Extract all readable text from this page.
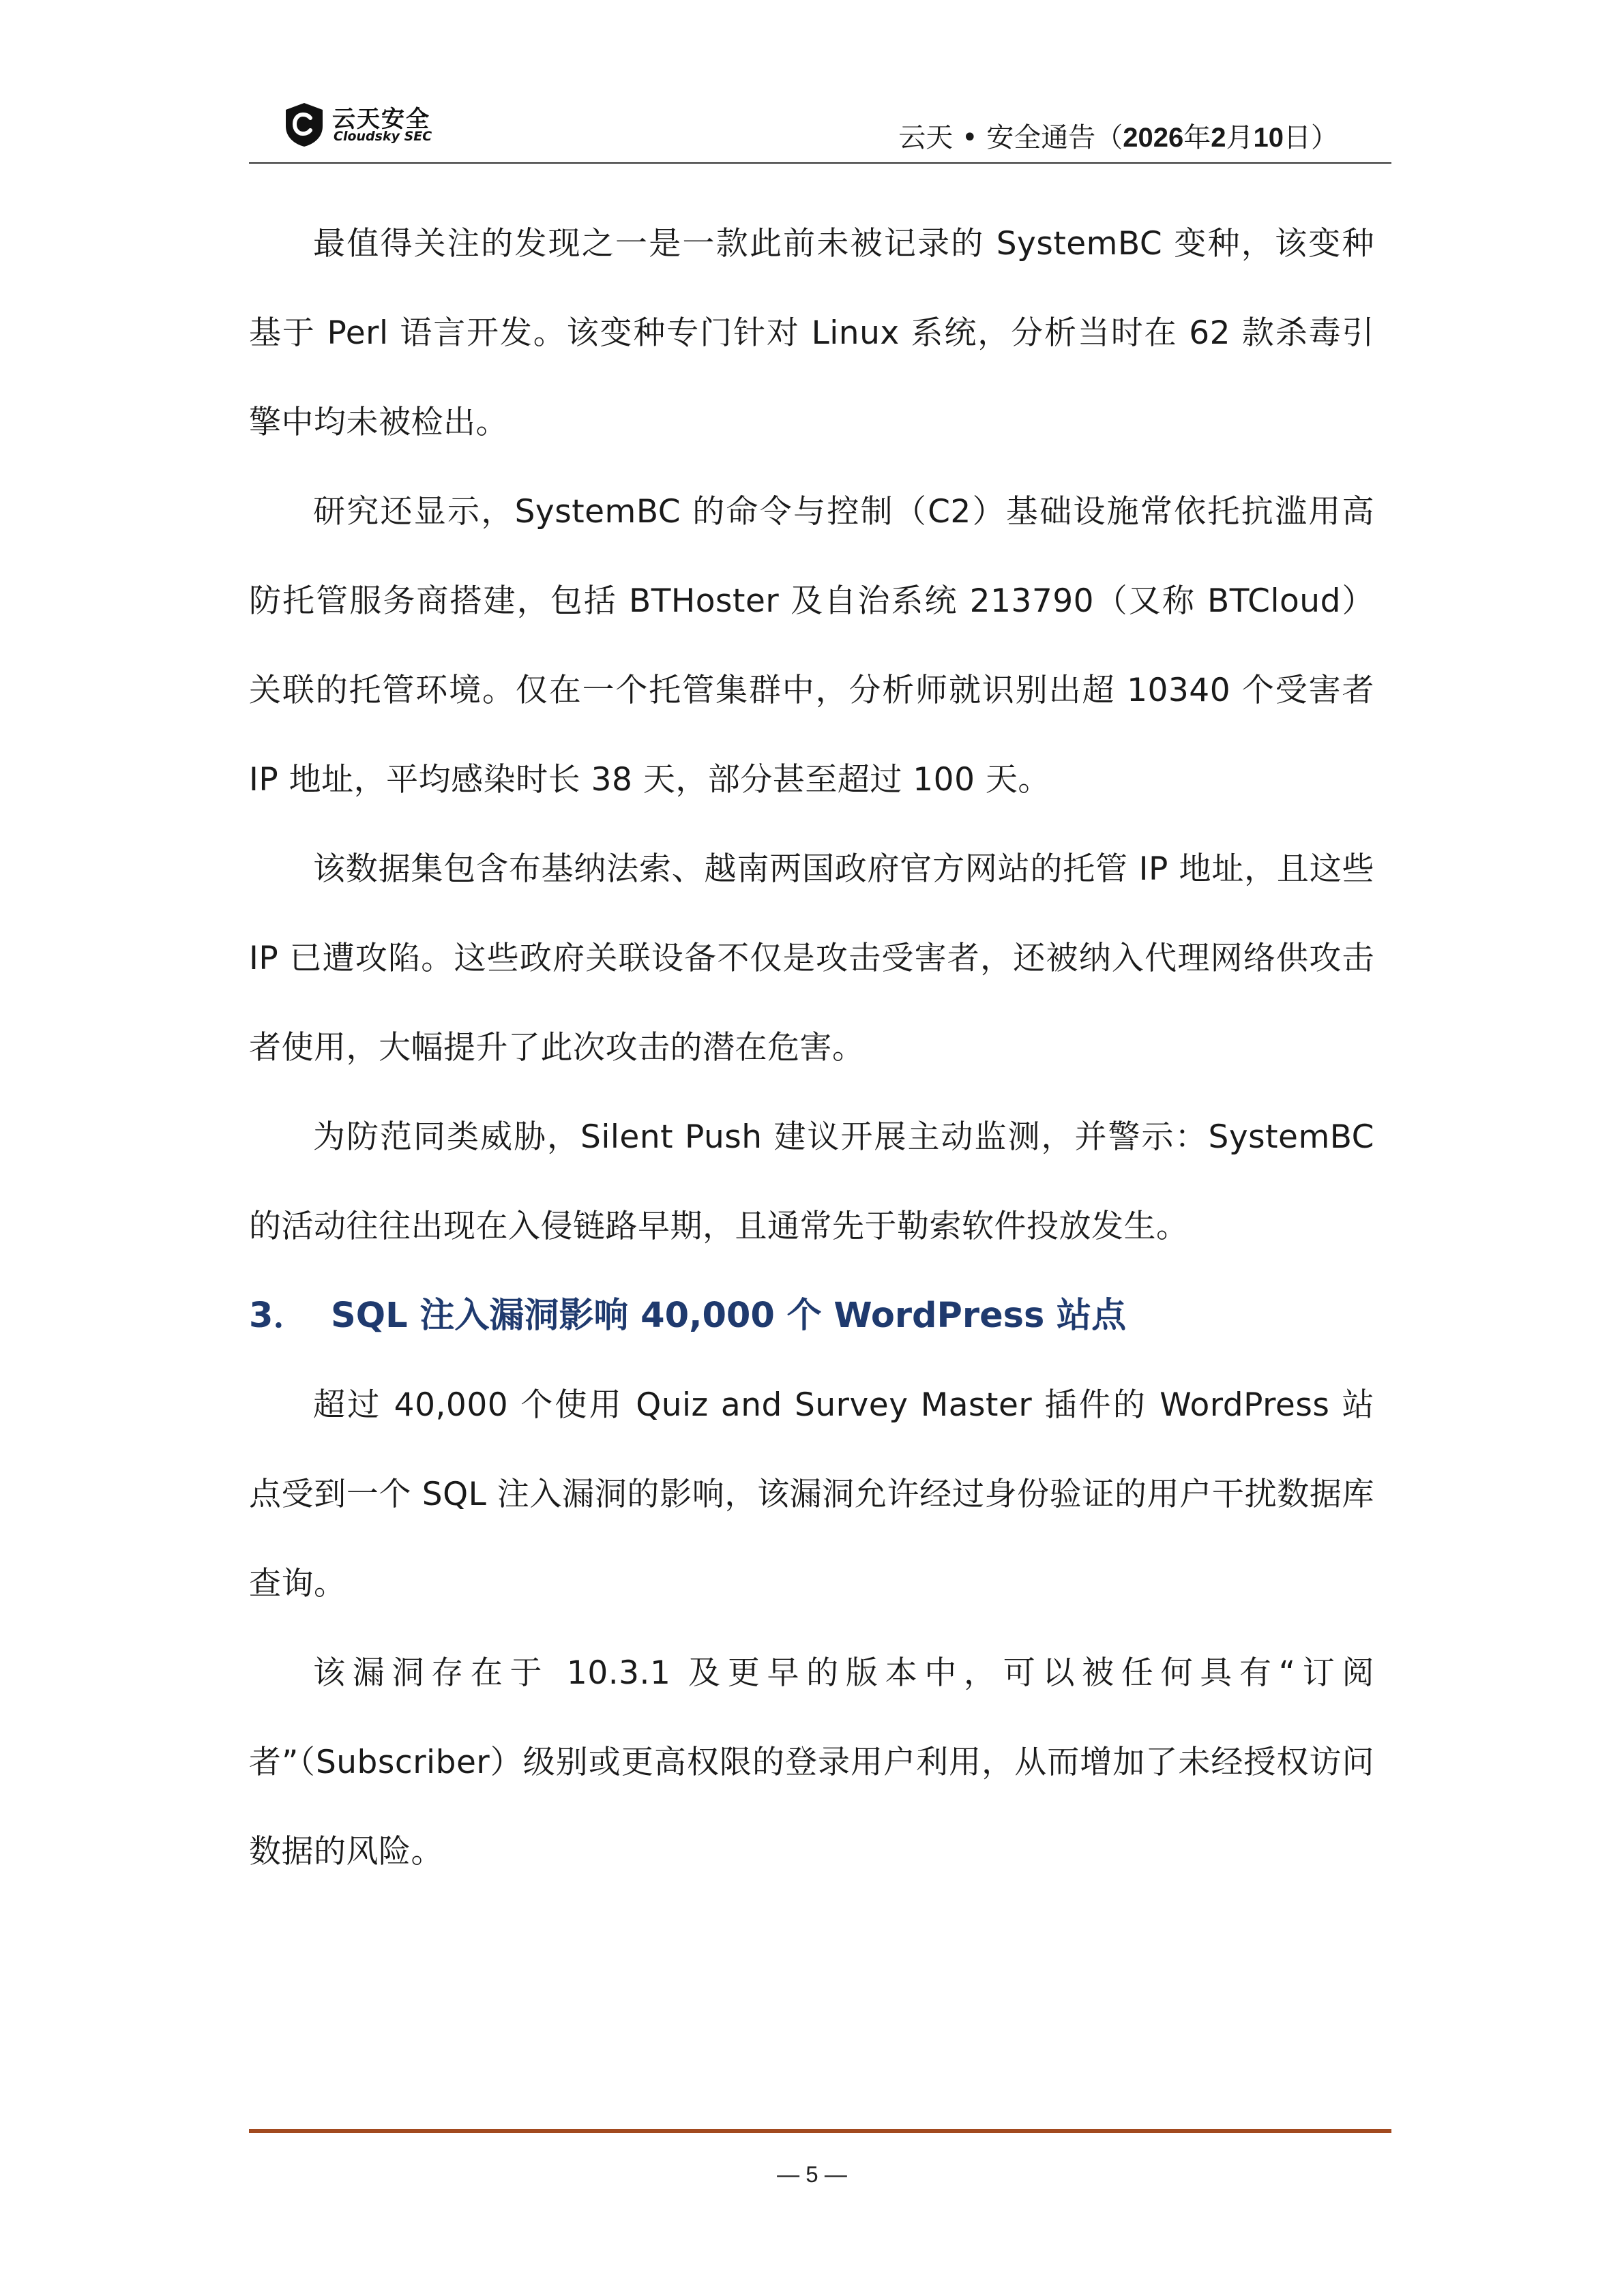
云天安全
Cloudsky SEC	云天 • 安全通告（2026年2月10日）

最值得关注的发现之一是一款此前未被记录的 SystemBC 变种，该变种基于 Perl 语言开发。该变种专门针对 Linux 系统，分析当时在 62 款杀毒引擎中均未被检出。

研究还显示，SystemBC 的命令与控制（C2）基础设施常依托抗滥用高防托管服务商搭建，包括 BTHoster 及自治系统 213790（又称 BTCloud）关联的托管环境。仅在一个托管集群中，分析师就识别出超 10340 个受害者 IP 地址，平均感染时长 38 天，部分甚至超过 100 天。

该数据集包含布基纳法索、越南两国政府官方网站的托管 IP 地址，且这些 IP 已遭攻陷。这些政府关联设备不仅是攻击受害者，还被纳入代理网络供攻击者使用，大幅提升了此次攻击的潜在危害。

为防范同类威胁，Silent Push 建议开展主动监测，并警示：SystemBC 的活动往往出现在入侵链路早期，且通常先于勒索软件投放发生。

3． SQL 注入漏洞影响 40,000 个 WordPress 站点

超过 40,000 个使用 Quiz and Survey Master 插件的 WordPress 站点受到一个 SQL 注入漏洞的影响，该漏洞允许经过身份验证的用户干扰数据库查询。

该漏洞存在于 10.3.1 及更早的版本中，可以被任何具有“订阅者”（Subscriber）级别或更高权限的登录用户利用，从而增加了未经授权访问数据的风险。

— 5 —
